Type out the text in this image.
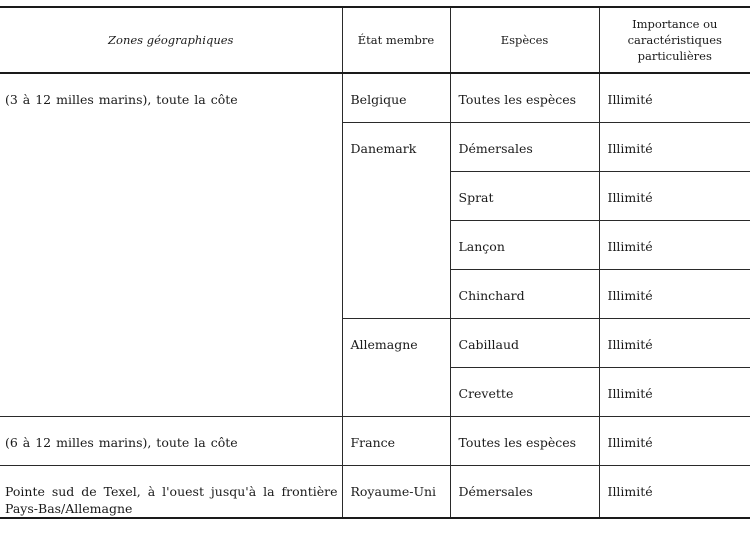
Zones géographiques	État membre	Espèces	Importance ou caractéristiques particulières

(3 à 12 milles marins), toute la côte	Belgique	Toutes les espèces	Illimité

	Danemark	Démersales	Illimité

		Sprat	Illimité

		Lançon	Illimité

		Chinchard	Illimité

	Allemagne	Cabillaud	Illimité

		Crevette	Illimité

(6 à 12 milles marins), toute la côte	France	Toutes les espèces	Illimité

Pointe sud de Texel, à l'ouest jusqu'à la frontière Pays-Bas/Allemagne	Royaume-Uni	Démersales	Illimité
